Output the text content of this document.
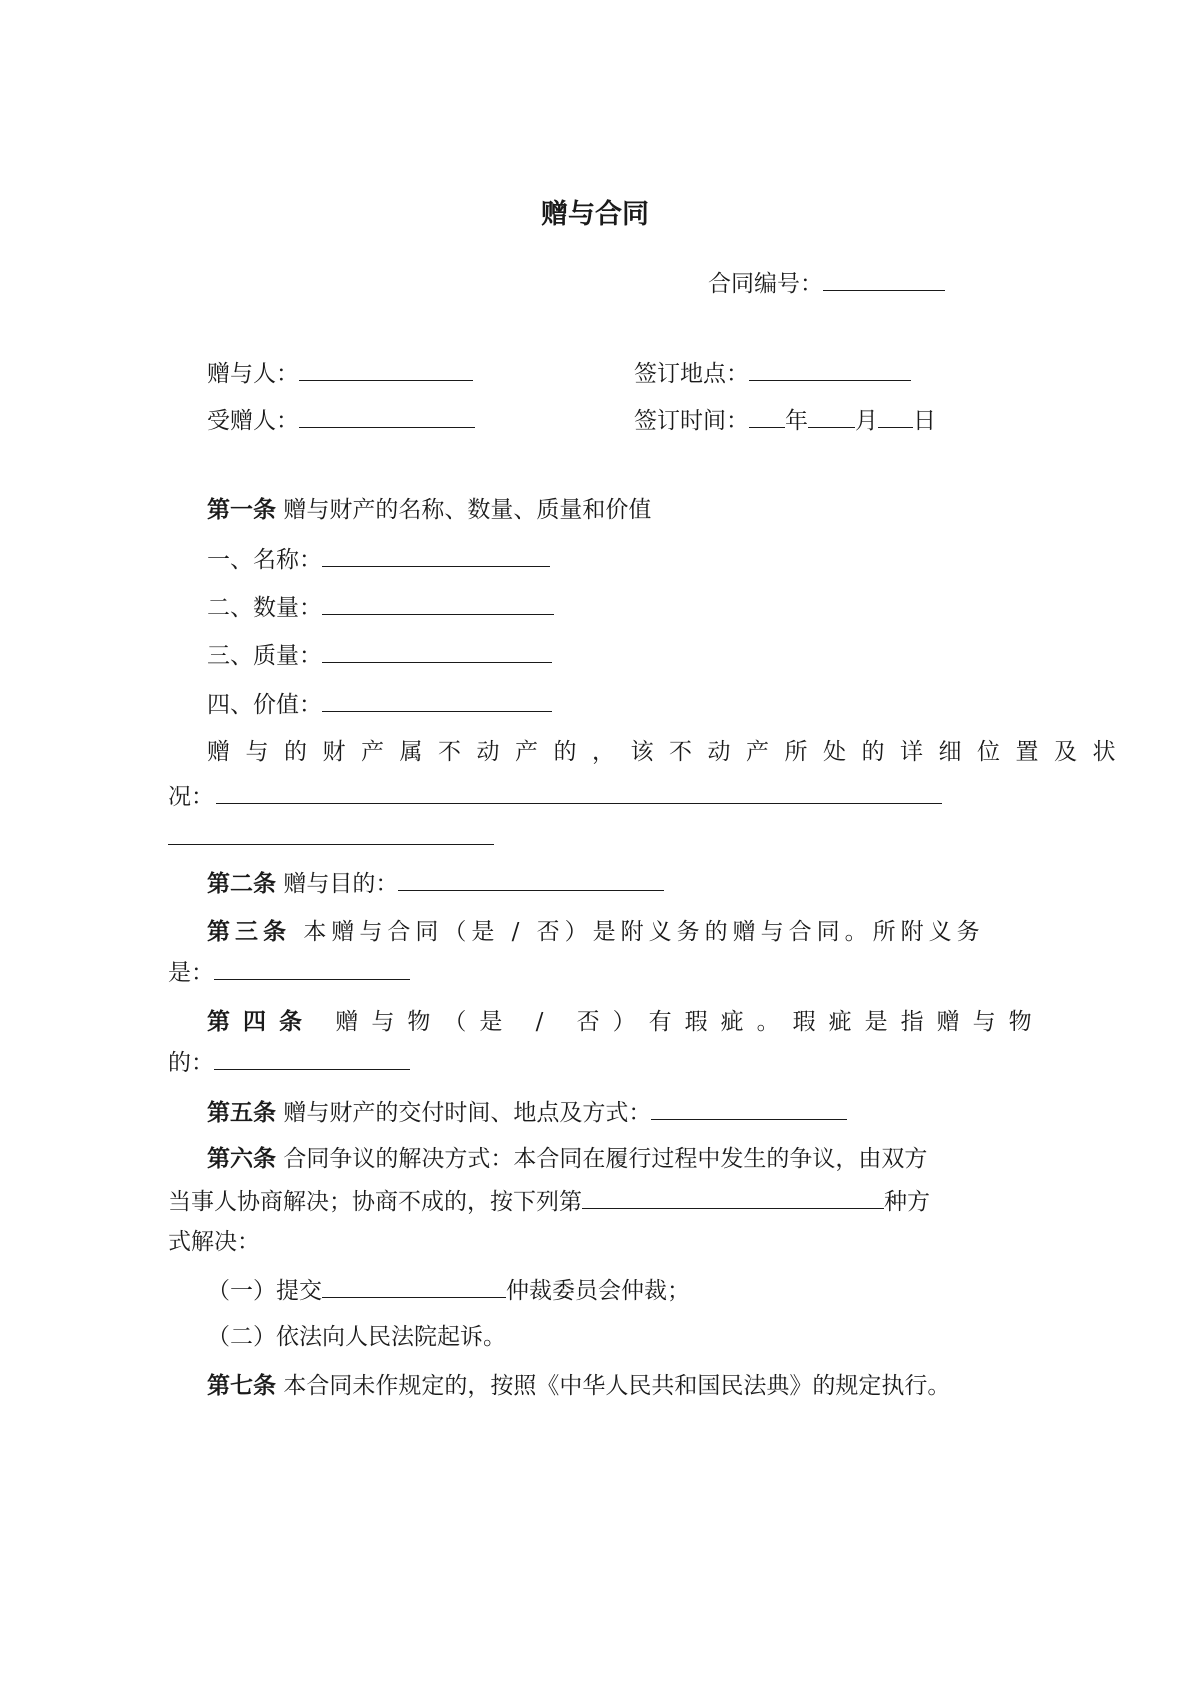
赠与合同
合同编号：
赠与人：	签订地点：
受赠人：	签订时间： 年 月 日
第一条 赠与财产的名称、数量、质量和价值
一、名称：
二、数量：
三、质量：
四、价值：
赠与的财产属不动产的，该不动产所处的详细位置及状
况：
第二条 赠与目的：
第三条 本赠与合同（是 / 否）是附义务的赠与合同。所附义务
是：
第四条 赠与物（是 / 否）有瑕疵。瑕疵是指赠与物
的：
第五条 赠与财产的交付时间、地点及方式：
第六条 合同争议的解决方式：本合同在履行过程中发生的争议，由双方
当事人协商解决；协商不成的，按下列第	种方
式解决：
（一）提交	仲裁委员会仲裁；
（二）依法向人民法院起诉。
第七条 本合同未作规定的，按照《中华人民共和国民法典》的规定执行。
